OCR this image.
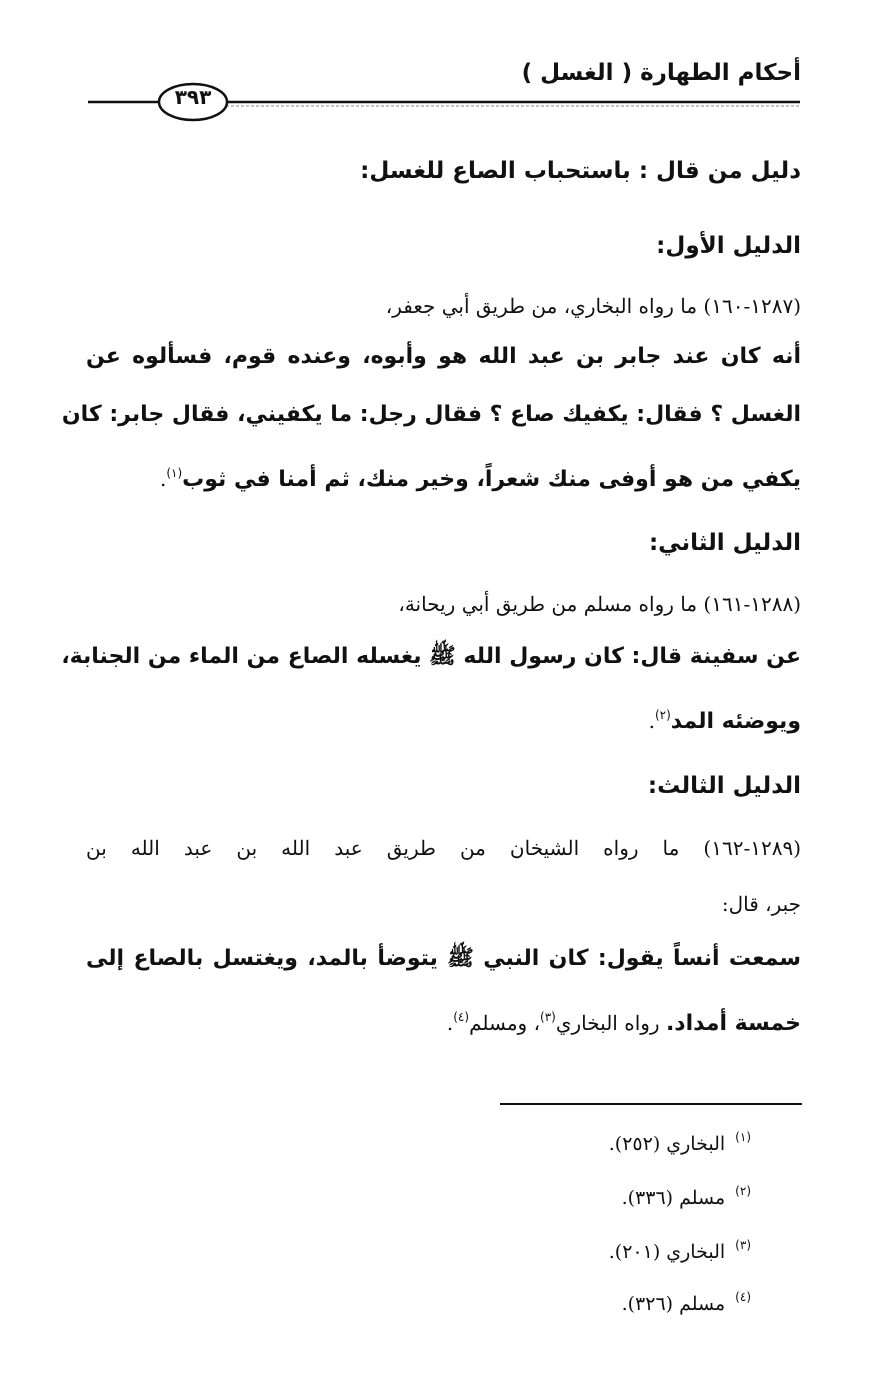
أحكام الطهارة ( الغسل )
٣٩٣
دليل من قال : باستحباب الصاع للغسل:
الدليل الأول:
(١٢٨٧-١٦٠) ما رواه البخاري، من طريق أبي جعفر،
أنه كان عند جابر بن عبد الله هو وأبوه، وعنده قوم، فسألوه عن
الغسل ؟ فقال: يكفيك صاع ؟ فقال رجل: ما يكفيني، فقال جابر: كان
يكفي من هو أوفى منك شعراً، وخير منك، ثم أمنا في ثوب$^{(١)}$.
الدليل الثاني:
(١٢٨٨-١٦١) ما رواه مسلم من طريق أبي ريحانة،
عن سفينة قال: كان رسول الله ﷺ يغسله الصاع من الماء من الجنابة،
ويوضئه المد$^{(٢)}$.
الدليل الثالث:
(١٢٨٩-١٦٢) ما رواه الشيخان من طريق عبد الله بن عبد الله بن
جبر، قال:
سمعت أنساً يقول: كان النبي ﷺ يتوضأ بالمد، ويغتسل بالصاع إلى
خمسة أمداد. رواه البخاري$^{(٣)}$، ومسلم$^{(٤)}$.
$^{(١)}$البخاري (٢٥٢).
$^{(٢)}$مسلم (٣٣٦).
$^{(٣)}$البخاري (٢٠١).
$^{(٤)}$مسلم (٣٢٦).
